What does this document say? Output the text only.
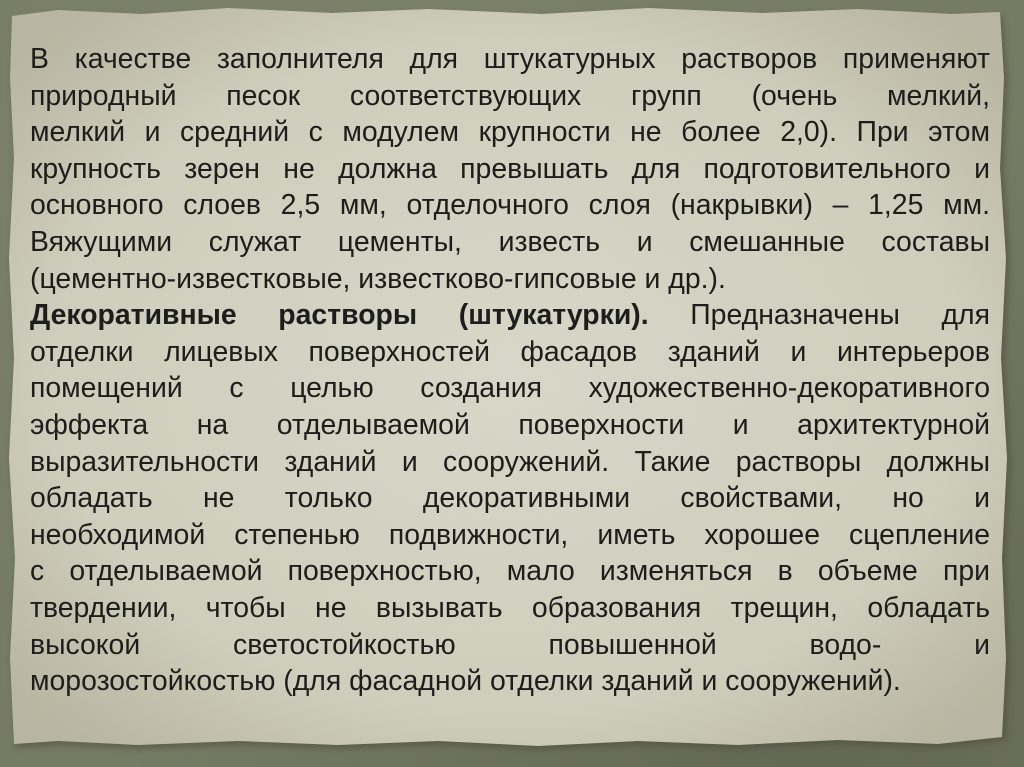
В качестве заполнителя для штукатурных растворов применяют
природный песок соответствующих групп (очень мелкий,
мелкий и средний с модулем крупности не более 2,0). При этом
крупность зерен не должна превышать для подготовительного и
основного слоев 2,5 мм, отделочного слоя (накрывки) – 1,25 мм.
Вяжущими служат цементы, известь и смешанные составы
(цементно-известковые, известково-гипсовые и др.).

Декоративные растворы (штукатурки). Предназначены для
отделки лицевых поверхностей фасадов зданий и интерьеров
помещений с целью создания художественно-декоративного
эффекта на отделываемой поверхности и архитектурной
выразительности зданий и сооружений. Такие растворы должны
обладать не только декоративными свойствами, но и
необходимой степенью подвижности, иметь хорошее сцепление
с отделываемой поверхностью, мало изменяться в объеме при
твердении, чтобы не вызывать образования трещин, обладать
высокой светостойкостью повышенной водо- и
морозостойкостью (для фасадной отделки зданий и сооружений).
